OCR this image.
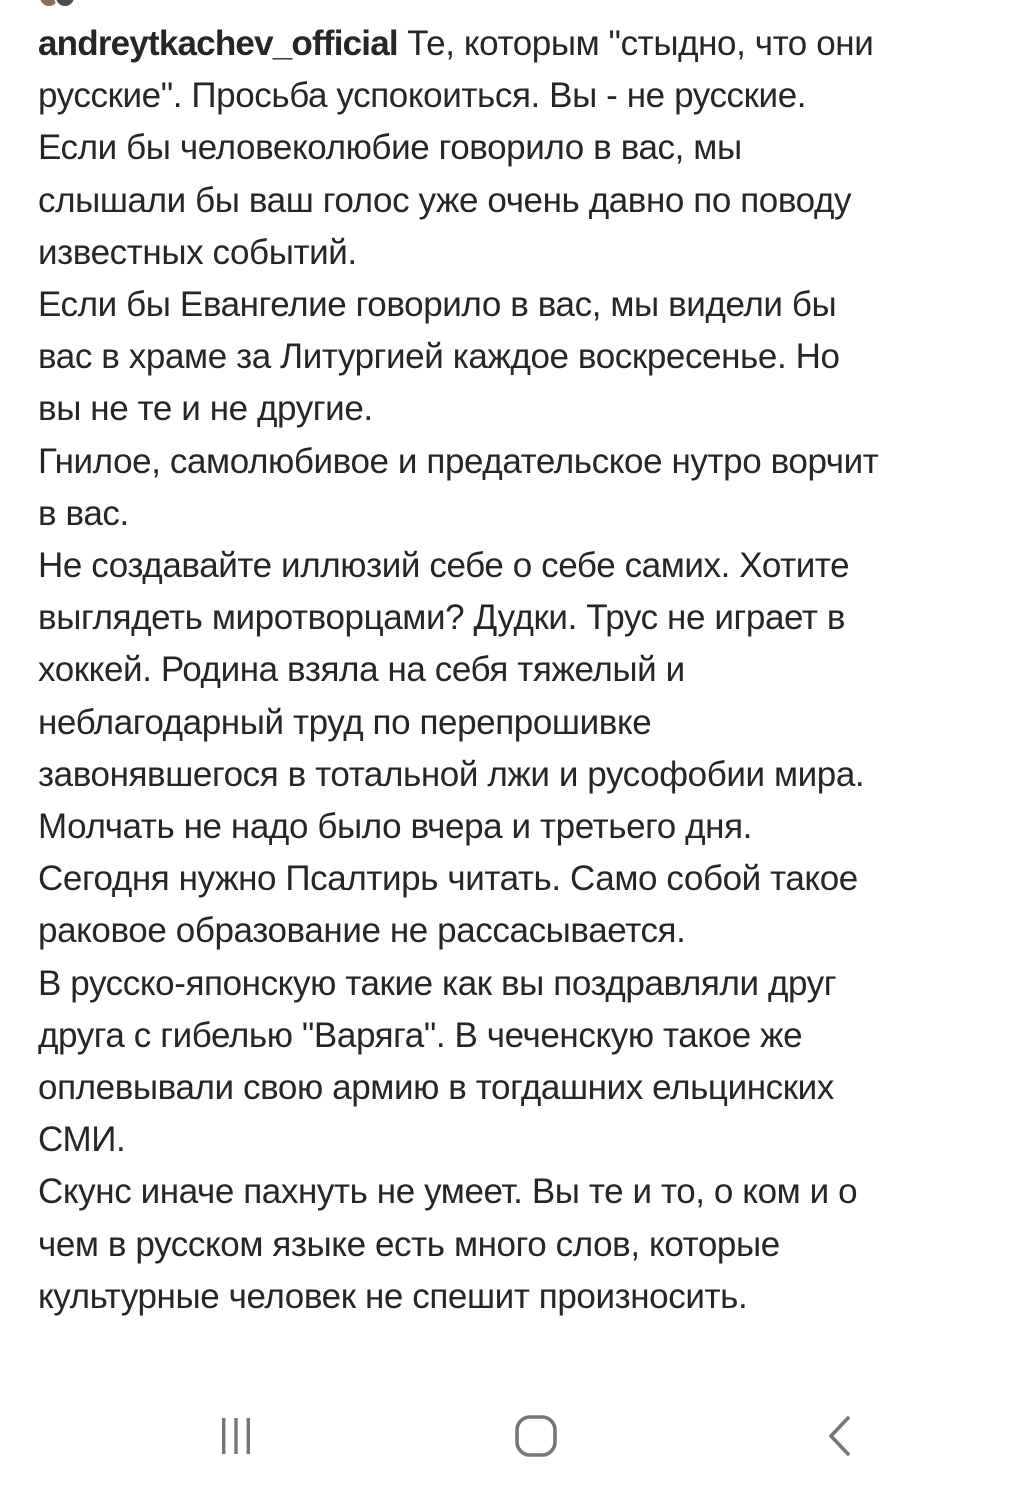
andreytkachev_official Те, которым "стыдно, что они
русские". Просьба успокоиться. Вы - не русские.
Если бы человеколюбие говорило в вас, мы
слышали бы ваш голос уже очень давно по поводу
известных событий.
Если бы Евангелие говорило в вас, мы видели бы
вас в храме за Литургией каждое воскресенье. Но
вы не те и не другие.
Гнилое, самолюбивое и предательское нутро ворчит
в вас.
Не создавайте иллюзий себе о себе самих. Хотите
выглядеть миротворцами? Дудки. Трус не играет в
хоккей. Родина взяла на себя тяжелый и
неблагодарный труд по перепрошивке
завонявшегося в тотальной лжи и русофобии мира.
Молчать не надо было вчера и третьего дня.
Сегодня нужно Псалтирь читать. Само собой такое
раковое образование не рассасывается.
В русско-японскую такие как вы поздравляли друг
друга с гибелью "Варяга". В чеченскую такое же
оплевывали свою армию в тогдашних ельцинских
СМИ.
Скунс иначе пахнуть не умеет. Вы те и то, о ком и о
чем в русском языке есть много слов, которые
культурные человек не спешит произносить.
